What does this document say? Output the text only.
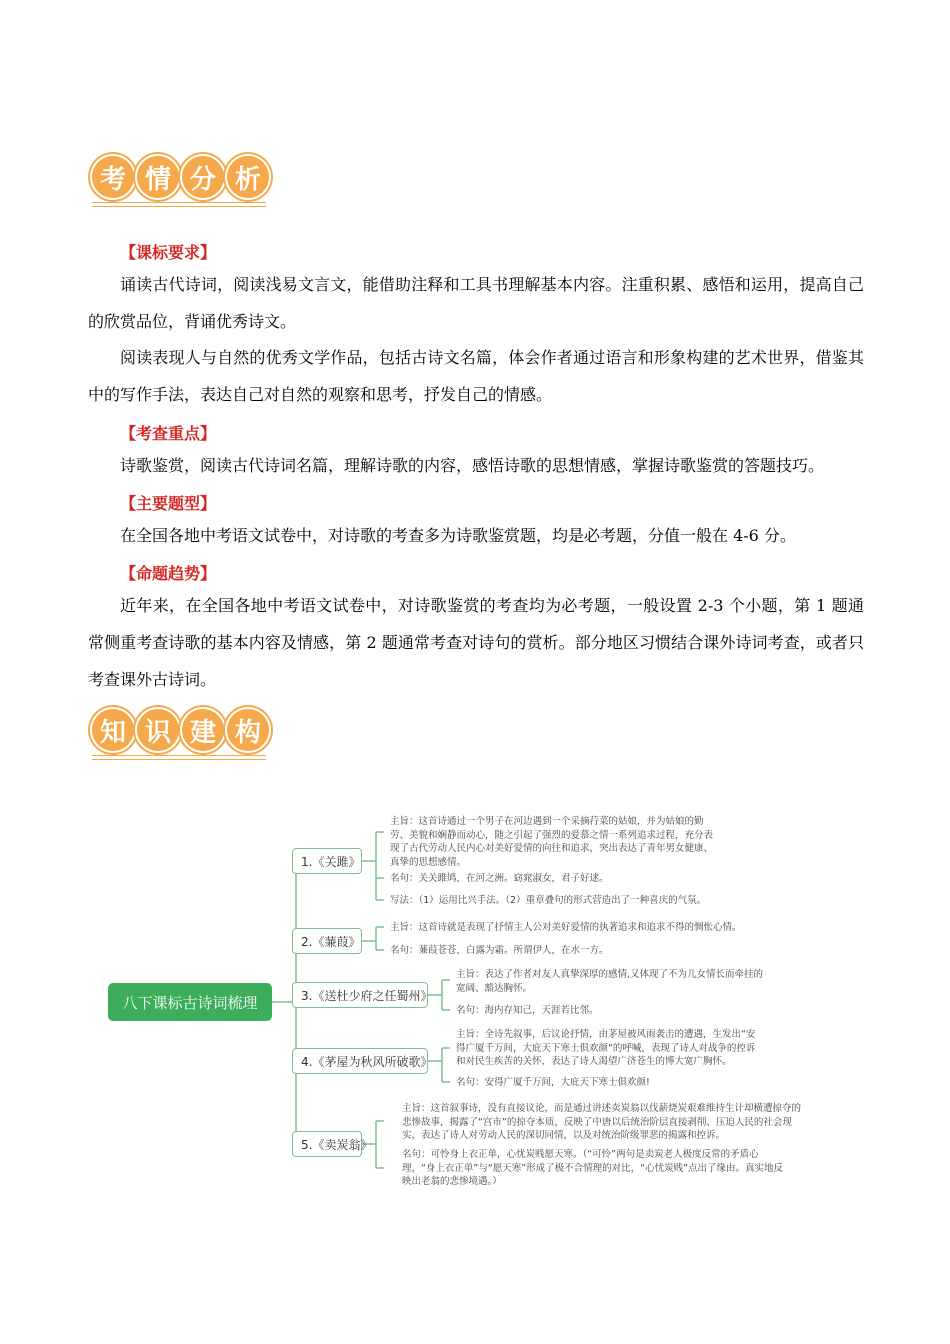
考 情 分 析
【课标要求】
诵读古代诗词，阅读浅易文言文，能借助注释和工具书理解基本内容。注重积累、感悟和运用，提高自己的欣赏品位，背诵优秀诗文。
阅读表现人与自然的优秀文学作品，包括古诗文名篇，体会作者通过语言和形象构建的艺术世界，借鉴其中的写作手法，表达自己对自然的观察和思考，抒发自己的情感。
【考查重点】
诗歌鉴赏，阅读古代诗词名篇，理解诗歌的内容，感悟诗歌的思想情感，掌握诗歌鉴赏的答题技巧。
【主要题型】
在全国各地中考语文试卷中，对诗歌的考查多为诗歌鉴赏题，均是必考题，分值一般在 4-6 分。
【命题趋势】
近年来，在全国各地中考语文试卷中，对诗歌鉴赏的考查均为必考题，一般设置 2-3 个小题，第 1 题通常侧重考查诗歌的基本内容及情感，第 2 题通常考查对诗句的赏析。部分地区习惯结合课外诗词考查，或者只考查课外古诗词。
知 识 建 构
八下课标古诗词梳理
1.《关雎》
主旨：这首诗通过一个男子在河边遇到一个采摘荇菜的姑娘，并为姑娘的勤劳、美貌和娴静而动心，随之引起了强烈的爱慕之情一系列追求过程，充分表现了古代劳动人民内心对美好爱情的向往和追求，突出表达了青年男女健康、真挚的思想感情。
名句：关关雎鸠，在河之洲。窈窕淑女，君子好逑。
写法：（1）运用比兴手法。（2）重章叠句的形式营造出了一种喜庆的气氛。
2.《蒹葭》
主旨：这首诗就是表现了抒情主人公对美好爱情的执著追求和追求不得的惆怅心情。
名句：蒹葭苍苍，白露为霜。所谓伊人，在水一方。
3.《送杜少府之任蜀州》
主旨：表达了作者对友人真挚深厚的感情,又体现了不为儿女情长而牵挂的宽阔、豁达胸怀。
名句：海内存知己，天涯若比邻。
4.《茅屋为秋风所破歌》
主旨：全诗先叙事，后议论抒情，由茅屋被风雨袭击的遭遇，生发出“安得广厦千万间，大庇天下寒士俱欢颜”的呼喊，表现了诗人对战争的控诉和对民生疾苦的关怀，表达了诗人渴望广济苍生的博大宽广胸怀。
名句：安得广厦千万间，大庇天下寒士俱欢颜!
5.《卖炭翁》
主旨：这首叙事诗，没有直接议论，而是通过讲述卖炭翁以伐薪烧炭艰难维持生计却横遭掠夺的悲惨故事，揭露了“宫市”的掠夺本质，反映了中唐以后统治阶层直接剥削、压迫人民的社会现实，表达了诗人对劳动人民的深切同情，以及对统治阶级罪恶的揭露和控诉。
名句：可怜身上衣正单，心忧炭贱愿天寒。（“可怜”两句是卖炭老人极度反常的矛盾心理，“身上衣正单”与“愿天寒”形成了极不合情理的对比，“心忧炭贱”点出了缘由。真实地反映出老翁的悲惨境遇。）
